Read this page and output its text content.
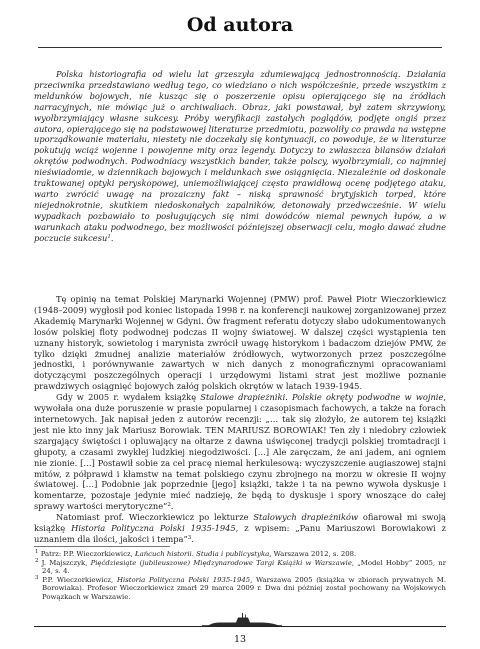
Od autora
Polska historiografia od wielu lat grzeszyła zdumiewającą jednostronnością. Działania przeciwnika przedstawiano według tego, co wiedziano o nich współcześnie, przede wszystkim z meldunków bojowych, nie kusząc się o poszerzenie opisu opierającego się na źródłach narracyjnych, nie mówiąc już o archiwaliach. Obraz, jaki powstawał, był zatem skrzywiony, wyolbrzymiający własne sukcesy. Próby weryfikacji zastałych poglądów, podjęte ongiś przez autora, opierającego się na podstawowej literaturze przedmiotu, pozwoliły co prawda na wstępne uporządkowanie materiału, niestety nie doczekały się kontynuacji, co powoduje, że w literaturze pokutują wciąż wojenne i powojenne mity oraz legendy. Dotyczy to zwłaszcza bilansów działań okrętów podwodnych. Podwodniacy wszystkich bander, także polscy, wyolbrzymiali, co najmniej nieświadomie, w dziennikach bojowych i meldunkach swe osiągnięcia. Niezależnie od doskonale traktowanej optyki peryskopowej, uniemożliwiającej często prawidłową ocenę podjętego ataku, warto zwrócić uwagę na prozaiczny fakt – niską sprawność brytyjskich torped, które niejednokrotnie, skutkiem niedoskonałych zapalników, detonowały przedwcześnie. W wielu wypadkach pozbawiało to posługujących się nimi dowódców niemal pewnych łupów, a w warunkach ataku podwodnego, bez możliwości późniejszej obserwacji celu, mogło dawać złudne poczucie sukcesu$^1$.

Tę opinię na temat Polskiej Marynarki Wojennej (PMW) prof. Paweł Piotr Wieczorkiewicz (1948–2009) wygłosił pod koniec listopada 1998 r. na konferencji naukowej zorganizowanej przez Akademię Marynarki Wojennej w Gdyni. Ów fragment referatu dotyczy słabo udokumentowanych losów polskiej floty podwodnej podczas II wojny światowej. W dalszej części wystąpienia ten uznany historyk, sowietolog i marynista zwrócił uwagę historykom i badaczom dziejów PMW, że tylko dzięki żmudnej analizie materiałów źródłowych, wytworzonych przez poszczególne jednostki, i porównywanie zawartych w nich danych z monograficznymi opracowaniami dotyczącymi poszczególnych operacji i urzędowymi listami strat jest możliwe poznanie prawdziwych osiągnięć bojowych załóg polskich okrętów w latach 1939-1945.

Gdy w 2005 r. wydałem książkę Stalowe drapieżniki. Polskie okręty podwodne w wojnie, wywołała ona duże poruszenie w prasie popularnej i czasopismach fachowych, a także na forach internetowych. Jak napisał jeden z autorów recenzji: „… tak się złożyło, że autorem tej książki jest nie kto inny jak Mariusz Borowiak. TEN MARIUSZ BOROWIAK! Ten zły i niedobry człowiek szargający świętości i opluwający na ołtarze z dawna uświęconej tradycji polskiej tromtadracji i głupoty, a czasami zwykłej ludzkiej niegodziwości. […] Ale zaręczam, że ani jadem, ani ogniem nie zionie. […] Postawił sobie za cel pracę niemal herkulesową: wyczyszczenie augiaszowej stajni mitów, z półprawd i kłamstw na temat polskiego czynu zbrojnego na morzu w okresie II wojny światowej. […] Podobnie jak poprzednie [jego] książki, także i ta na pewno wywoła dyskusje i komentarze, pozostaje jedynie mieć nadzieję, że będą to dyskusje i spory wnoszące do całej sprawy wartości merytoryczne”$^2$.

Natomiast prof. Wieczorkiewicz po lekturze Stalowych drapieżników ofiarował mi swoją książkę Historia Polityczna Polski 1935-1945, z wpisem: „Panu Mariuszowi Borowiakowi z uznaniem dla ilości, jakości i tempa”$^3$.

$^1$ Patrz: P.P. Wieczorkiewicz, Łańcuch historii. Studia i publicystyka, Warszawa 2012, s. 208.

$^2$ J. Majszczyk, Pięćdziesiąte (jubileuszowe) Międzynarodowe Targi Książki w Warszawie, „Model Hobby” 2005, nr 24, s. 4.

$^3$ P.P. Wieczorkiewicz, Historia Polityczna Polski 1935-1945, Warszawa 2005 (książka w zbiorach prywatnych M. Borowiaka). Profesor Wieczorkiewicz zmarł 29 marca 2009 r. Dwa dni później został pochowany na Wojskowych Powązkach w Warszawie.

13
